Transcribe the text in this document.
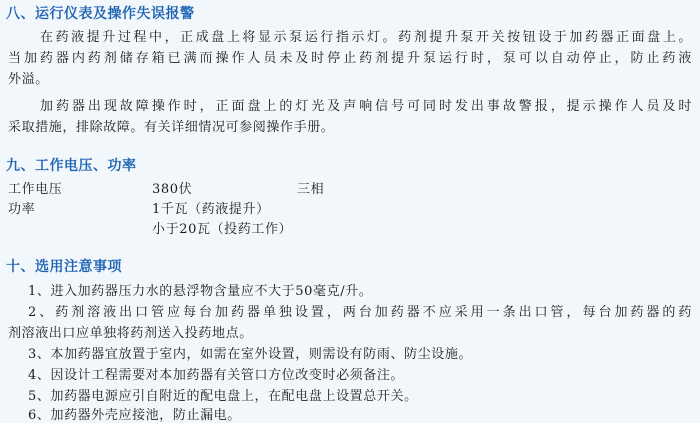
八、运行仪表及操作失误报警
在药液提升过程中，正成盘上将显示泵运行指示灯。药剂提升泵开关按钮设于加药器正面盘上。
当加药器内药剂储存箱已满而操作人员未及时停止药剂提升泵运行时，泵可以自动停止，防止药液
外溢。
加药器出现故障操作时，正面盘上的灯光及声响信号可同时发出事故警报，提示操作人员及时
采取措施，排除故障。有关详细情况可参阅操作手册。
九、工作电压、功率
工作电压	380伏	三相
功率	1千瓦（药液提升）
小于20瓦（投药工作）
十、选用注意事项
1、进入加药器压力水的悬浮物含量应不大于50毫克/升。
2、药剂溶液出口管应每台加药器单独设置，两台加药器不应采用一条出口管，每台加药器的药
剂溶液出口应单独将药剂送入投药地点。
3、本加药器宜放置于室内，如需在室外设置，则需设有防雨、防尘设施。
4、因设计工程需要对本加药器有关管口方位改变时必须备注。
5、加药器电源应引自附近的配电盘上，在配电盘上设置总开关。
6、加药器外壳应接池，防止漏电。
